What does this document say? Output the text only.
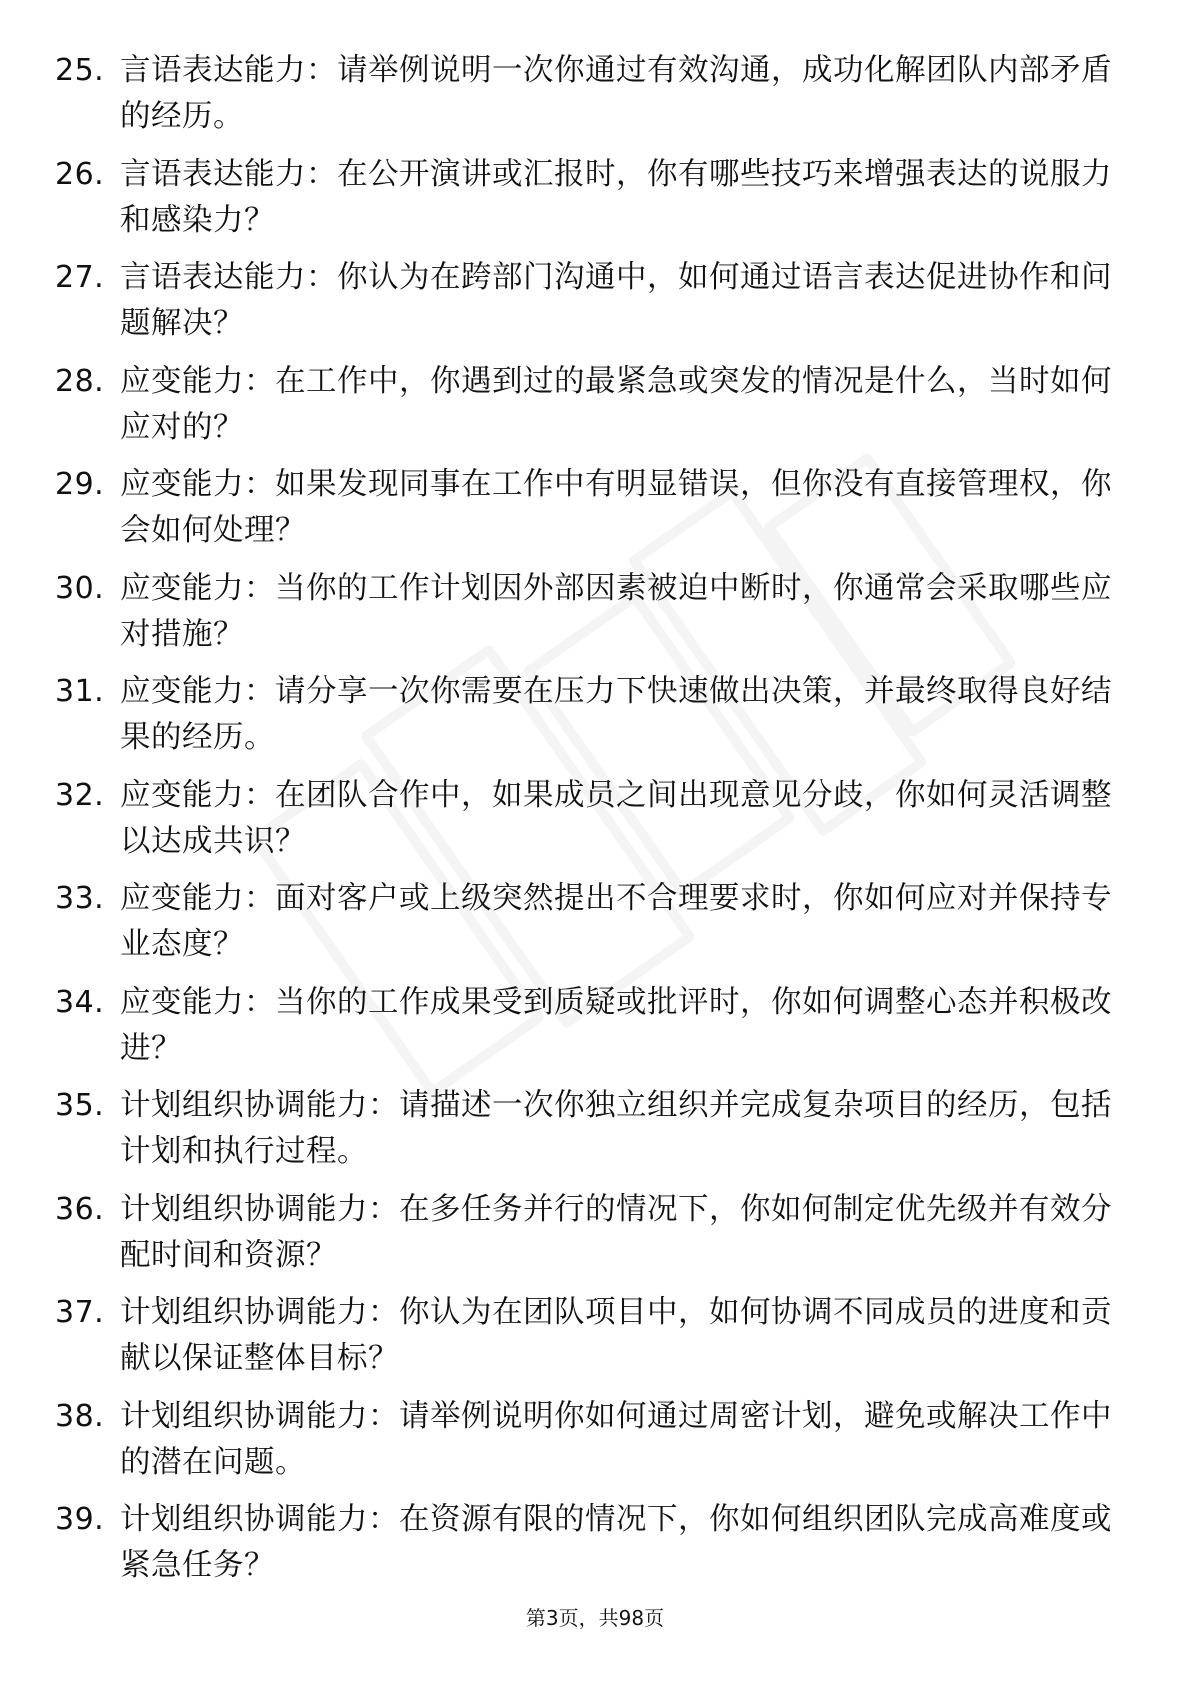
25. 言语表达能力：请举例说明一次你通过有效沟通，成功化解团队内部矛盾的经历。
26. 言语表达能力：在公开演讲或汇报时，你有哪些技巧来增强表达的说服力和感染力？
27. 言语表达能力：你认为在跨部门沟通中，如何通过语言表达促进协作和问题解决？
28. 应变能力：在工作中，你遇到过的最紧急或突发的情况是什么，当时如何应对的？
29. 应变能力：如果发现同事在工作中有明显错误，但你没有直接管理权，你会如何处理？
30. 应变能力：当你的工作计划因外部因素被迫中断时，你通常会采取哪些应对措施？
31. 应变能力：请分享一次你需要在压力下快速做出决策，并最终取得良好结果的经历。
32. 应变能力：在团队合作中，如果成员之间出现意见分歧，你如何灵活调整以达成共识？
33. 应变能力：面对客户或上级突然提出不合理要求时，你如何应对并保持专业态度？
34. 应变能力：当你的工作成果受到质疑或批评时，你如何调整心态并积极改进？
35. 计划组织协调能力：请描述一次你独立组织并完成复杂项目的经历，包括计划和执行过程。
36. 计划组织协调能力：在多任务并行的情况下，你如何制定优先级并有效分配时间和资源？
37. 计划组织协调能力：你认为在团队项目中，如何协调不同成员的进度和贡献以保证整体目标？
38. 计划组织协调能力：请举例说明你如何通过周密计划，避免或解决工作中的潜在问题。
39. 计划组织协调能力：在资源有限的情况下，你如何组织团队完成高难度或紧急任务？
第3页，共98页
